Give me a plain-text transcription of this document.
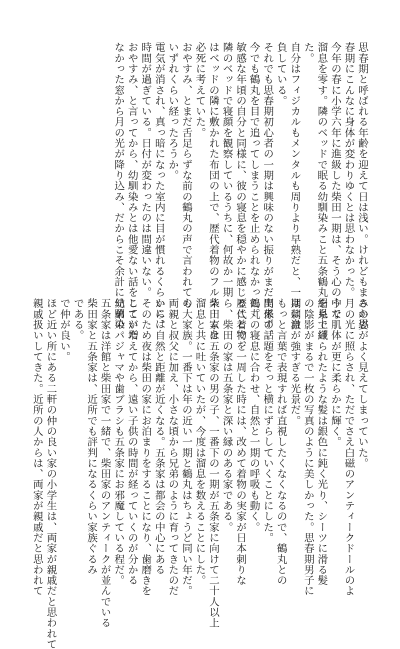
思春期と呼ばれる年齢を迎えて日は浅い。けれどもまさか思

春期にこんなに身体が変わりゆくとは思わなかった。

今年の春に小学六年に進級した柴田一期は、そう心の中で

溜息を零す。隣のベッドで眠る幼馴染みこと五条鶴丸を見上げ

た。

自分はフィジカルもメンタルも周りより早熟だと、一期は自

負している。

それでも思春期初心者の一期は興味のない振りがまだ出来ず、

今でも鶴丸を目で追ってしまうことを止められなかった。

敏感な年頃の自分と同様に、彼の寝息を穏やかに感じることで、

隣のベッドで寝顔を観察しているうちに、何故か一期

はベッドの隣に敷かれた布団の上で、歴代着物のフルネームを

必死に考えていた。

おやすみ、とまだ舌足らずな前の鶴丸の声で言われても

いずれくらい経ったろうか。

電気が消され、真っ暗になった室内に目が慣れるくらいには

時間が過ぎている。日付が変わったのは間違いない。

おやすみ、と言ってから、幼馴染みとは他愛ない話をしていた

なかった窓から月の光が降り込み、だからこそ余計に幼馴染

みの姿がよく見えてしまっていた。

月の光に照らされ、ただでさえ白磁のアンティークドールのよ

うな肌体が更に柔らかに輝く。

絹糸で織られたような髪は銀色に鈍く光り、シーツに滑る髪

の陰影がまるで一枚の写真のように美しかった。思春期男子に

は刺激が強すぎる光景だ。

もっと言葉で表現すれば直視したくなくなるので、鶴丸との

関係の話題をそっと横にずらしていくことにした。

鶴丸の寝息に合わせ、自然と一期の呼吸も動く。

歴代着物を一周した時には、改めて着物の実家が日本刺りな

ら、柴田の家は五条家と深い縁のある家である。

柴田家は五条家の男の子、一番下の一期が五条家に向けて二十人以上

溜息と共に吐いていたが、今度は溜息を数えることにした。

の大家族。一番下は年の近い一期と鶴丸はちょうど同い年だ。

両親と叔父に加え、小さな頃から兄弟のように育ってきたのだ

から、自然と距離が近くなる。五条家は都会の中心にある

そのため夜は柴田の家にお泊まりをすることになり、歯磨きを

ここが増えてから、遠い子供の時間が経っていくのが分かる

兄弟のパジャマや歯ブラシも五条家にお邪魔している程だ。

五条家は洋館と柴田家で一緒で、柴田家のアンティークが並んでいる

柴田家と五条家は、近所でも評判になるくらい家族ぐるみ

である。

で仲が良い。

ほど近い所にある二軒の仲の良い家の小学生は、両家が親戚だと思われて

親戚扱いしてきた。近所の人からは、両家が親戚だと思われて
